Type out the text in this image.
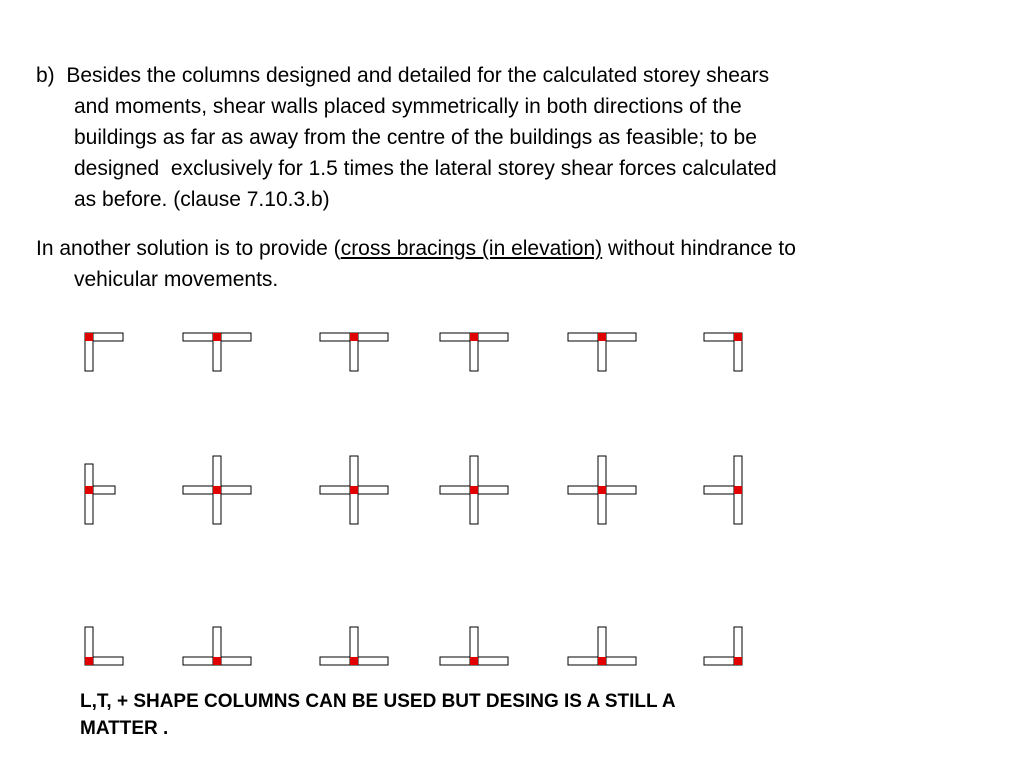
b)  Besides the columns designed and detailed for the calculated storey shears
and moments, shear walls placed symmetrically in both directions of the
buildings as far as away from the centre of the buildings as feasible; to be
designed  exclusively for 1.5 times the lateral storey shear forces calculated
as before. (clause 7.10.3.b)
In another solution is to provide (cross bracings (in elevation) without hindrance to
vehicular movements.
L,T, + SHAPE COLUMNS CAN BE USED BUT DESING IS A STILL A
MATTER .
